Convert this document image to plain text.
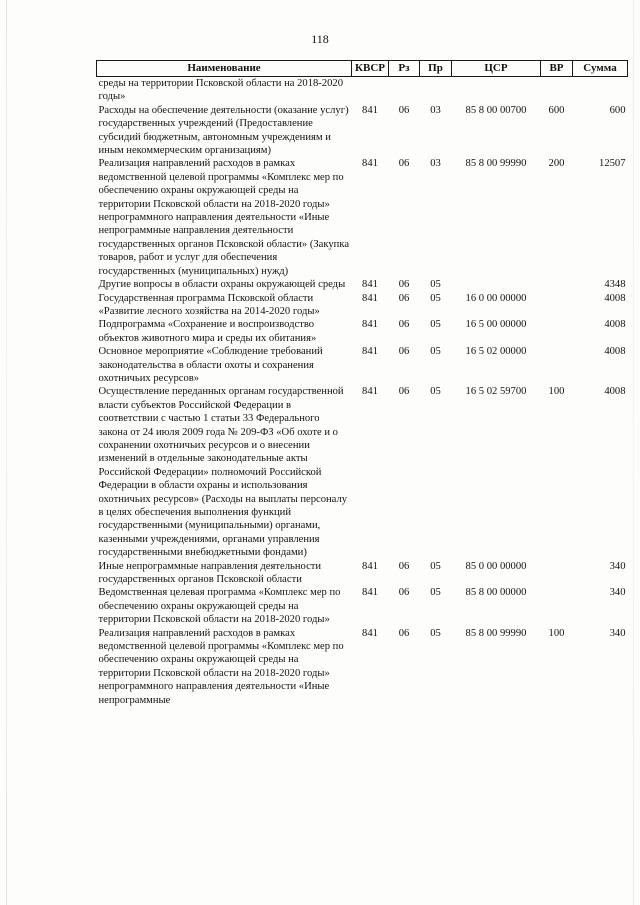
118
Наименование	КВСР	Рз	Пр	ЦСР	ВР	Сумма
среды на территории Псковской области на 2018-2020 годы»						
Расходы на обеспечение деятельности (оказание услуг) государственных учреждений (Предоставление субсидий бюджетным, автономным учреждениям и иным некоммерческим организациям)	841	06	03	85 8 00 00700	600	600
Реализация направлений расходов в рамках ведомственной целевой программы «Комплекс мер по обеспечению охраны окружающей среды на территории Псковской области на 2018-2020 годы» непрограммного направления деятельности «Иные непрограммные направления деятельности государственных органов Псковской области» (Закупка товаров, работ и услуг для обеспечения государственных (муниципальных) нужд)	841	06	03	85 8 00 99990	200	12507
Другие вопросы в области охраны окружающей среды	841	06	05			4348
Государственная программа Псковской области «Развитие лесного хозяйства на 2014-2020 годы»	841	06	05	16 0 00 00000		4008
Подпрограмма «Сохранение и воспроизводство объектов животного мира и среды их обитания»	841	06	05	16 5 00 00000		4008
Основное мероприятие «Соблюдение требований законодательства в области охоты и сохранения охотничьих ресурсов»	841	06	05	16 5 02 00000		4008
Осуществление переданных органам государственной власти субъектов Российской Федерации в соответствии с частью 1 статьи 33 Федерального закона от 24 июля 2009 года № 209-ФЗ «Об охоте и о сохранении охотничьих ресурсов и о внесении изменений в отдельные законодательные акты Российской Федерации» полномочий Российской Федерации в области охраны и использования охотничьих ресурсов» (Расходы на выплаты персоналу в целях обеспечения выполнения функций государственными (муниципальными) органами, казенными учреждениями, органами управления государственными внебюджетными фондами)	841	06	05	16 5 02 59700	100	4008
Иные непрограммные направления деятельности государственных органов Псковской области	841	06	05	85 0 00 00000		340
Ведомственная целевая программа «Комплекс мер по обеспечению охраны окружающей среды на территории Псковской области на 2018-2020 годы»	841	06	05	85 8 00 00000		340
Реализация направлений расходов в рамках ведомственной целевой программы «Комплекс мер по обеспечению охраны окружающей среды на территории Псковской области на 2018-2020 годы» непрограммного направления деятельности «Иные непрограммные	841	06	05	85 8 00 99990	100	340
